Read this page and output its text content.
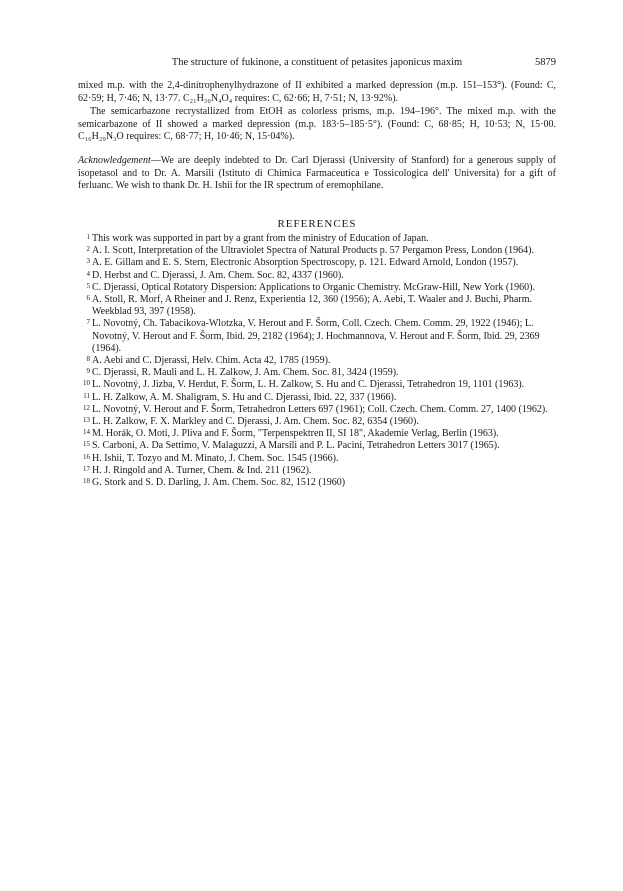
The structure of fukinone, a constituent of petasites japonicus maxim	5879
mixed m.p. with the 2,4-dinitrophenylhydrazone of II exhibited a marked depression (m.p. 151–153°). (Found: C, 62·59; H, 7·46; N, 13·77. C₂₁H₃₀N₄O₄ requires: C, 62·66; H, 7·51; N, 13·92%).
The semicarbazone recrystallized from EtOH as colorless prisms, m.p. 194–196°. The mixed m.p. with the semicarbazone of II showed a marked depression (m.p. 183·5–185·5°). (Found: C, 68·85; H, 10·53; N, 15·00. C₁₆H₂₉N₃O requires: C, 68·77; H, 10·46; N, 15·04%).
Acknowledgement—We are deeply indebted to Dr. Carl Djerassi (University of Stanford) for a generous supply of isopetasol and to Dr. A. Marsili (Istituto di Chimica Farmaceutica e Tossicologica dell' Universita) for a gift of ferluanc. We wish to thank Dr. H. Ishii for the IR spectrum of eremophilane.
REFERENCES
1 This work was supported in part by a grant from the ministry of Education of Japan.
2 A. I. Scott, Interpretation of the Ultraviolet Spectra of Natural Products p. 57 Pergamon Press, London (1964).
3 A. E. Gillam and E. S. Stern, Electronic Absorption Spectroscopy, p. 121. Edward Arnold, London (1957).
4 D. Herbst and C. Djerassi, J. Am. Chem. Soc. 82, 4337 (1960).
5 C. Djerassi, Optical Rotatory Dispersion: Applications to Organic Chemistry. McGraw-Hill, New York (1960).
6 A. Stoll, R. Morf, A Rheiner and J. Renz, Experientia 12, 360 (1956); A. Aebi, T. Waaler and J. Buchi, Pharm. Weekblad 93, 397 (1958).
7 L. Novotný, Ch. Tabacikova-Wlotzka, V. Herout and F. Šorm, Coll. Czech. Chem. Comm. 29, 1922 (1946); L. Novotný, V. Herout and F. Šorm, Ibid. 29, 2182 (1964); J. Hochmannova, V. Herout and F. Šorm, Ibid. 29, 2369 (1964).
8 A. Aebi and C. Djerassi, Helv. Chim. Acta 42, 1785 (1959).
9 C. Djerassi, R. Mauli and L. H. Zalkow, J. Am. Chem. Soc. 81, 3424 (1959).
10 L. Novotný, J. Jizba, V. Herdut, F. Šorm, L. H. Zalkow, S. Hu and C. Djerassi, Tetrahedron 19, 1101 (1963).
11 L. H. Zalkow, A. M. Shaligram, S. Hu and C. Djerassi, Ibid. 22, 337 (1966).
12 L. Novotný, V. Herout and F. Šorm, Tetrahedron Letters 697 (1961); Coll. Czech. Chem. Comm. 27, 1400 (1962).
13 L. H. Zalkow, F. X. Markley and C. Djerassi, J. Am. Chem. Soc. 82, 6354 (1960).
14 M. Horák, O. Moti, J. Pliva and F. Šorm, "Terpenspektren II, SI 18", Akademie Verlag, Berlin (1963).
15 S. Carboni, A. Da Settimo, V. Malaguzzi, A Marsili and P. L. Pacini, Tetrahedron Letters 3017 (1965).
16 H. Ishii, T. Tozyo and M. Minato, J. Chem. Soc. 1545 (1966).
17 H. J. Ringold and A. Turner, Chem. & Ind. 211 (1962).
18 G. Stork and S. D. Darling, J. Am. Chem. Soc. 82, 1512 (1960)
